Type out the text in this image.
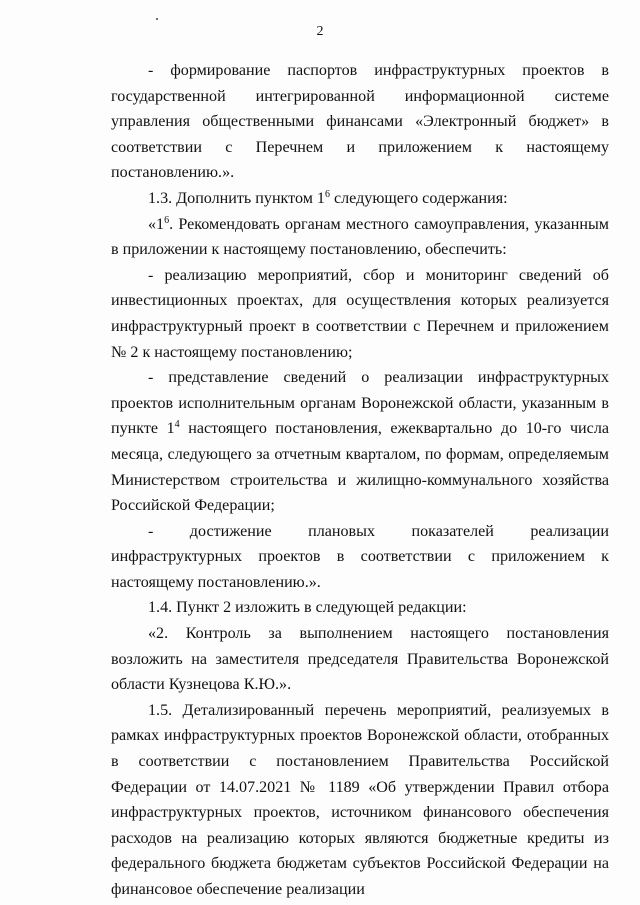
2

- формирование паспортов инфраструктурных проектов в государственной интегрированной информационной системе управления общественными финансами «Электронный бюджет» в соответствии с Перечнем и приложением к настоящему постановлению.».

1.3. Дополнить пунктом $1^6$ следующего содержания:

«$1^6$. Рекомендовать органам местного самоуправления, указанным в приложении к настоящему постановлению, обеспечить:

- реализацию мероприятий, сбор и мониторинг сведений об инвестиционных проектах, для осуществления которых реализуется инфраструктурный проект в соответствии с Перечнем и приложением № 2 к настоящему постановлению;

- представление сведений о реализации инфраструктурных проектов исполнительным органам Воронежской области, указанным в пункте $1^4$ настоящего постановления, ежеквартально до 10-го числа месяца, следующего за отчетным кварталом, по формам, определяемым Министерством строительства и жилищно-коммунального хозяйства Российской Федерации;

- достижение плановых показателей реализации инфраструктурных проектов в соответствии с приложением к настоящему постановлению.».

1.4. Пункт 2 изложить в следующей редакции:

«2. Контроль за выполнением настоящего постановления возложить на заместителя председателя Правительства Воронежской области Кузнецова К.Ю.».

1.5. Детализированный перечень мероприятий, реализуемых в рамках инфраструктурных проектов Воронежской области, отобранных в соответствии с постановлением Правительства Российской Федерации от 14.07.2021 № 1189 «Об утверждении Правил отбора инфраструктурных проектов, источником финансового обеспечения расходов на реализацию которых являются бюджетные кредиты из федерального бюджета бюджетам субъектов Российской Федерации на финансовое обеспечение реализации
